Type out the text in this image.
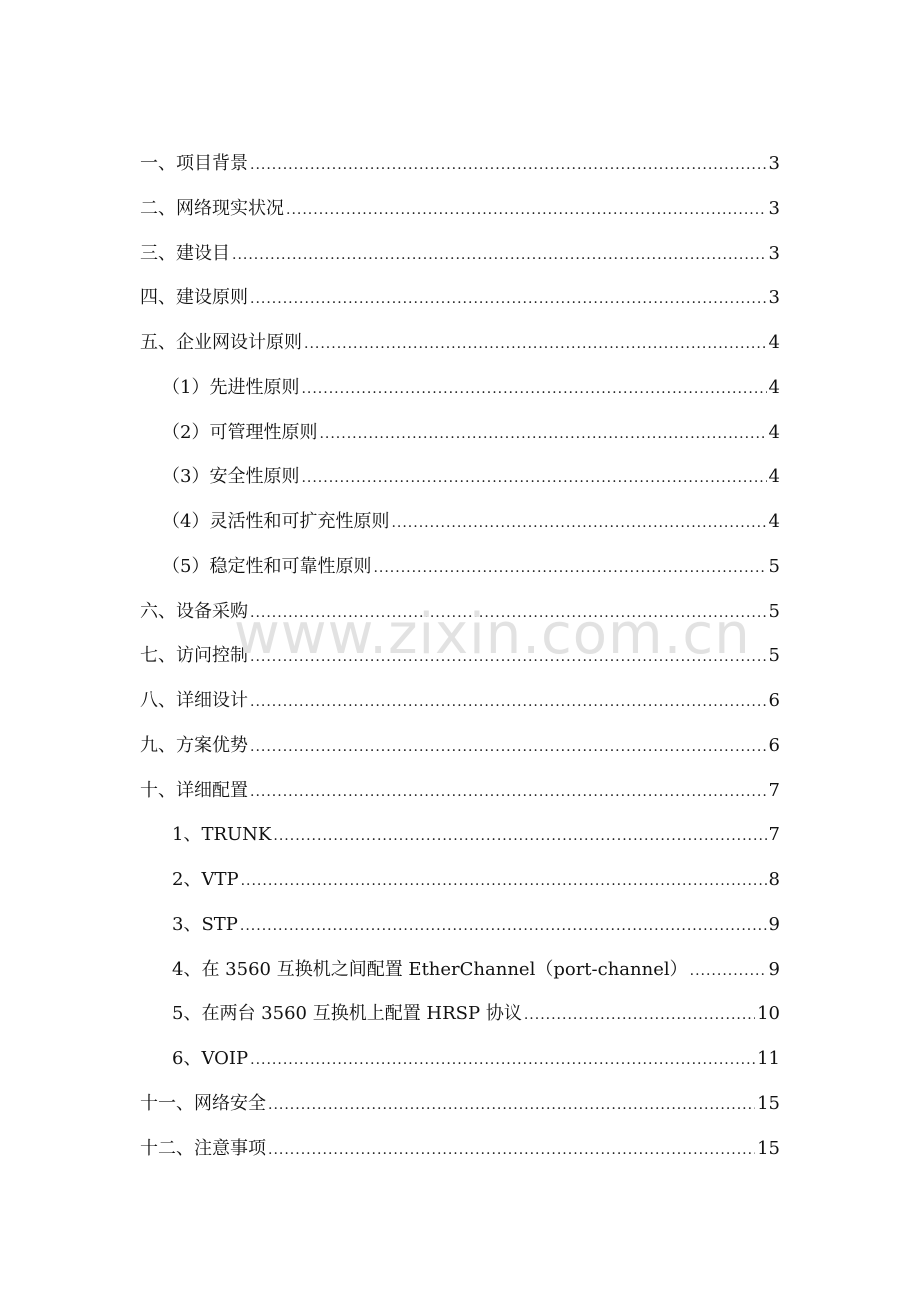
一、项目背景 .....	3
二、网络现实状况 .....	3
三、建设目 .....	3
四、建设原则 .....	3
五、企业网设计原则 .....	4
（1）先进性原则 .....	4
（2）可管理性原则 .....	4
（3）安全性原则 .....	4
（4）灵活性和可扩充性原则 .....	4
（5）稳定性和可靠性原则 .....	5
六、设备采购 .....	5
七、访问控制 .....	5
八、详细设计 .....	6
九、方案优势 .....	6
十、详细配置 .....	7
1、TRUNK .....	7
2、VTP .....	8
3、STP .....	9
4、在 3560 互换机之间配置 EtherChannel（port-channel） .....	9
5、在两台 3560 互换机上配置 HRSP 协议 .....	10
6、VOIP .....	11
十一、网络安全 .....	15
十二、注意事项 .....	15
www.zixin.com.cn
